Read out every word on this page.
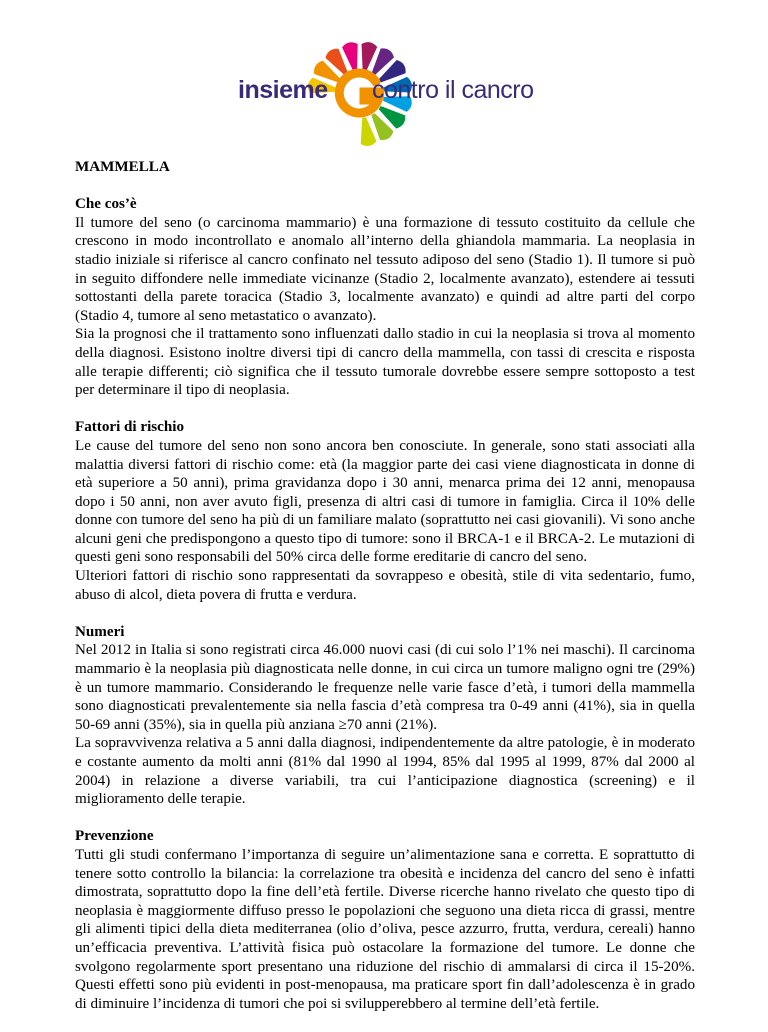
insieme contro il cancro
MAMMELLA
Che cos’è

Il tumore del seno (o carcinoma mammario) è una formazione di tessuto costituito da cellule che crescono in modo incontrollato e anomalo all’interno della ghiandola mammaria. La neoplasia in stadio iniziale si riferisce al cancro confinato nel tessuto adiposo del seno (Stadio 1). Il tumore si può in seguito diffondere nelle immediate vicinanze (Stadio 2, localmente avanzato), estendere ai tessuti sottostanti della parete toracica (Stadio 3, localmente avanzato) e quindi ad altre parti del corpo (Stadio 4, tumore al seno metastatico o avanzato).

Sia la prognosi che il trattamento sono influenzati dallo stadio in cui la neoplasia si trova al momento della diagnosi. Esistono inoltre diversi tipi di cancro della mammella, con tassi di crescita e risposta alle terapie differenti; ciò significa che il tessuto tumorale dovrebbe essere sempre sottoposto a test per determinare il tipo di neoplasia.

Fattori di rischio

Le cause del tumore del seno non sono ancora ben conosciute. In generale, sono stati associati alla malattia diversi fattori di rischio come: età (la maggior parte dei casi viene diagnosticata in donne di età superiore a 50 anni), prima gravidanza dopo i 30 anni, menarca prima dei 12 anni, menopausa dopo i 50 anni, non aver avuto figli, presenza di altri casi di tumore in famiglia. Circa il 10% delle donne con tumore del seno ha più di un familiare malato (soprattutto nei casi giovanili). Vi sono anche alcuni geni che predispongono a questo tipo di tumore: sono il BRCA-1 e il BRCA-2. Le mutazioni di questi geni sono responsabili del 50% circa delle forme ereditarie di cancro del seno.

Ulteriori fattori di rischio sono rappresentati da sovrappeso e obesità, stile di vita sedentario, fumo, abuso di alcol, dieta povera di frutta e verdura.

Numeri

Nel 2012 in Italia si sono registrati circa 46.000 nuovi casi (di cui solo l’1% nei maschi). Il carcinoma mammario è la neoplasia più diagnosticata nelle donne, in cui circa un tumore maligno ogni tre (29%) è un tumore mammario. Considerando le frequenze nelle varie fasce d’età, i tumori della mammella sono diagnosticati prevalentemente sia nella fascia d’età compresa tra 0-49 anni (41%), sia in quella 50-69 anni (35%), sia in quella più anziana ≥70 anni (21%).

La sopravvivenza relativa a 5 anni dalla diagnosi, indipendentemente da altre patologie, è in moderato e costante aumento da molti anni (81% dal 1990 al 1994, 85% dal 1995 al 1999, 87% dal 2000 al 2004) in relazione a diverse variabili, tra cui l’anticipazione diagnostica (screening) e il miglioramento delle terapie.

Prevenzione

Tutti gli studi confermano l’importanza di seguire un’alimentazione sana e corretta. E soprattutto di tenere sotto controllo la bilancia: la correlazione tra obesità e incidenza del cancro del seno è infatti dimostrata, soprattutto dopo la fine dell’età fertile. Diverse ricerche hanno rivelato che questo tipo di neoplasia è maggiormente diffuso presso le popolazioni che seguono una dieta ricca di grassi, mentre gli alimenti tipici della dieta mediterranea (olio d’oliva, pesce azzurro, frutta, verdura, cereali) hanno un’efficacia preventiva. L’attività fisica può ostacolare la formazione del tumore. Le donne che svolgono regolarmente sport presentano una riduzione del rischio di ammalarsi di circa il 15-20%. Questi effetti sono più evidenti in post-menopausa, ma praticare sport fin dall’adolescenza è in grado di diminuire l’incidenza di tumori che poi si svilupperebbero al termine dell’età fertile.
